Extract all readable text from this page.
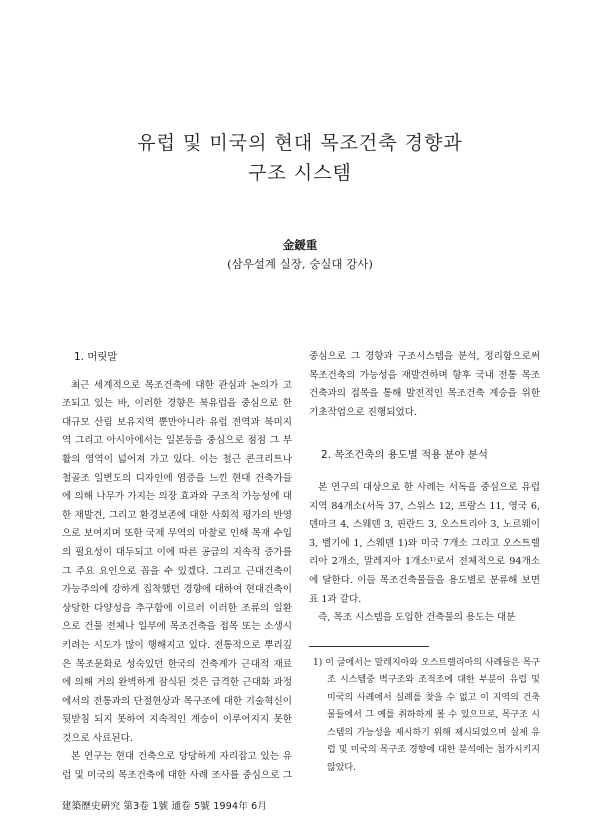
유럽 및 미국의 현대 목조건축 경향과
구조 시스템
金鍰重
(삼우설계 실장, 숭실대 강사)

1. 머릿말

최근 세계적으로 목조건축에 대한 관심과 논의가 고조되고 있는 바, 이러한 경향은 북유럽을 중심으로 한 대규모 산림 보유지역 뿐만아니라 유럽 전역과 북미지역 그리고 아시아에서는 일본등을 중심으로 점점 그 부활의 영역이 넓어져 가고 있다. 이는 철근 콘크리트나 철골조 일변도의 디자인에 염증을 느낀 현대 건축가들에 의해 나무가 가지는 의장 효과와 구조적 가능성에 대한 재발견, 그리고 환경보존에 대한 사회적 평가의 반영으로 보여지며 또한 국제 무역의 마찰로 인해 목재 수입의 필요성이 대두되고 이에 따른 공급의 지속적 증가를 그 주요 요인으로 꼽을 수 있겠다. 그리고 근대건축이 가능주의에 강하게 집착했던 경향에 대하여 현대건축이 상당한 다양성을 추구함에 이르러 이러한 조류의 일환으로 건물 전체나 일부에 목조건축을 접목 또는 소생시키려는 시도가 많이 행해지고 있다. 전통적으로 뿌리깊은 목조문화로 성숙있던 한국의 건축계가 근대적 재료에 의해 거의 완벽하게 잠식된 것은 급격한 근대화 과정에서의 전통과의 단절현상과 목구조에 대한 기술혁신이 뒷받침 되지 못하여 지속적인 계승이 이루어지지 못한 것으로 사료된다.

본 연구는 현대 건축으로 당당하게 자리잡고 있는 유럽 및 미국의 목조건축에 대한 사례 조사를 중심으로 그

중심으로 그 경향과 구조시스템을 분석, 정리함으로써 목조건축의 가능성을 재발견하며 향후 국내 전통 목조건축과의 접목을 통해 발전적인 목조건축 계승을 위한 기초작업으로 진행되었다.

2. 목조건축의 용도별 적용 분야 분석

본 연구의 대상으로 한 사례는 서독을 중심으로 유럽지역 84개소(서독 37, 스위스 12, 프랑스 11, 영국 6, 덴마크 4, 스웨덴 3, 핀란드 3, 오스트리아 3, 노르웨이 3, 벨기에 1, 스웨덴 1)와 미국 7개소 그리고 오스트렐리아 2개소, 말레지아 1개소¹⁾로서 전체적으로 94개소에 달한다. 이들 목조건축물들을 용도별로 분류해 보면 표 1과 같다.

즉, 목조 시스템을 도입한 건축물의 용도는 대분

1) 이 글에서는 말레지아와 오스트렐리아의 사례들은 목구조 시스템중 벽구조와 조적조에 대한 부분이 유럽 및 미국의 사례에서 실례를 찾을 수 없고 이 지역의 건축물들에서 그 예를 취하하게 볼 수 있으므로, 목구조 시스템의 가능성을 제시하기 위해 제시되었으며 실제 유럽 및 미국의 목구조 경향에 대한 분석에는 첨가시키지 않았다.
建築歷史硏究 第3卷 1號 通卷 5號 1994年 6月
